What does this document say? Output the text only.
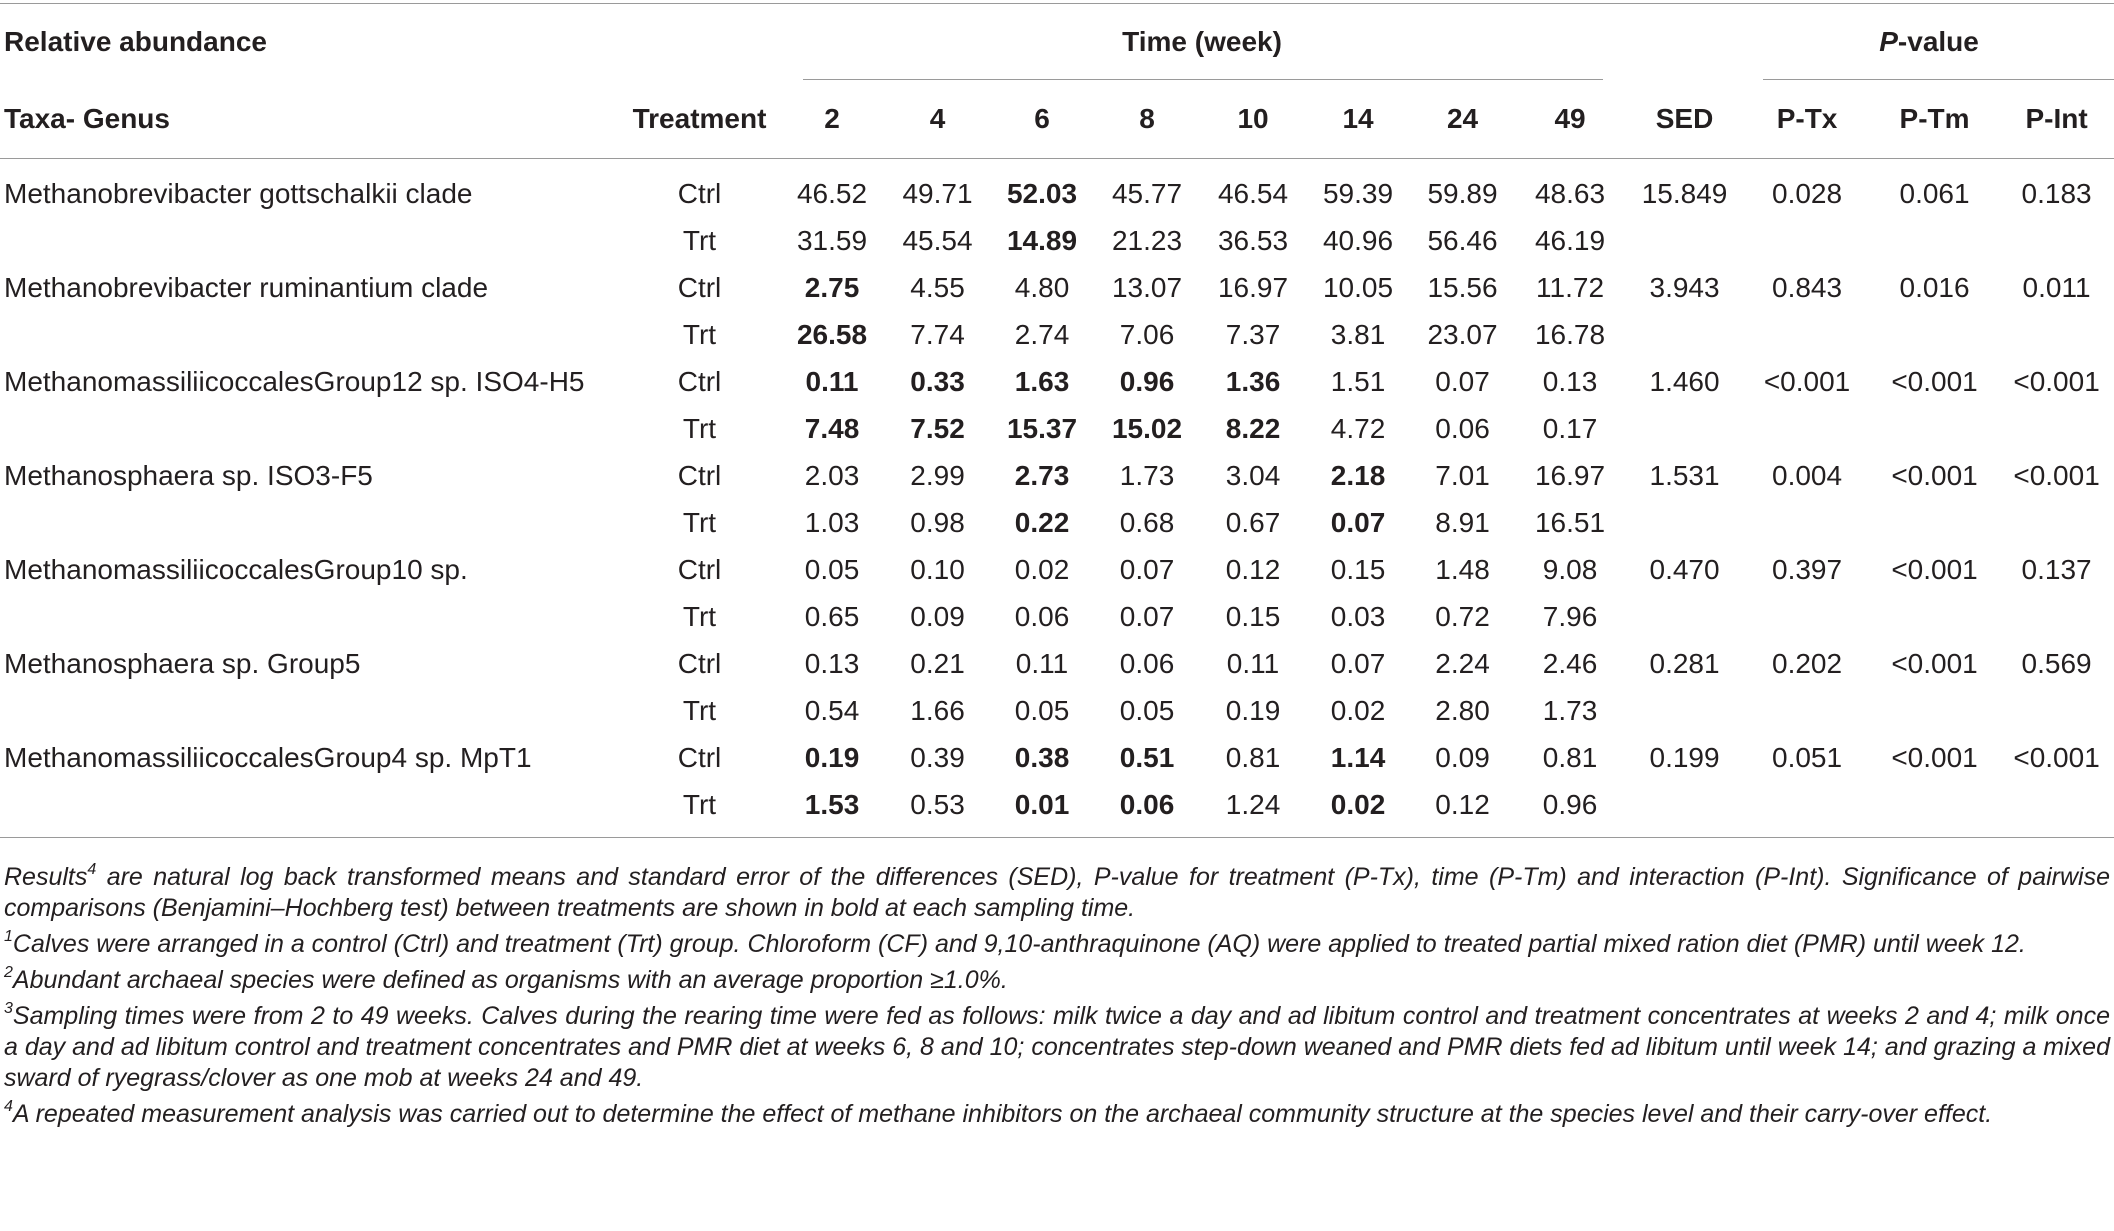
Relative abundance		Time (week)									P-value		

Taxa- Genus	Treatment	2	4	6	8	10	14	24	49	SED	P-Tx	P-Tm	P-Int
Methanobrevibacter gottschalkii clade	Ctrl	46.52	49.71	52.03	45.77	46.54	59.39	59.89	48.63	15.849	0.028	0.061	0.183
	Trt	31.59	45.54	14.89	21.23	36.53	40.96	56.46	46.19				
Methanobrevibacter ruminantium clade	Ctrl	2.75	4.55	4.80	13.07	16.97	10.05	15.56	11.72	3.943	0.843	0.016	0.011
	Trt	26.58	7.74	2.74	7.06	7.37	3.81	23.07	16.78				
MethanomassiliicoccalesGroup12 sp. ISO4-H5	Ctrl	0.11	0.33	1.63	0.96	1.36	1.51	0.07	0.13	1.460	<0.001	<0.001	<0.001
	Trt	7.48	7.52	15.37	15.02	8.22	4.72	0.06	0.17				
Methanosphaera sp. ISO3-F5	Ctrl	2.03	2.99	2.73	1.73	3.04	2.18	7.01	16.97	1.531	0.004	<0.001	<0.001
	Trt	1.03	0.98	0.22	0.68	0.67	0.07	8.91	16.51				
MethanomassiliicoccalesGroup10 sp.	Ctrl	0.05	0.10	0.02	0.07	0.12	0.15	1.48	9.08	0.470	0.397	<0.001	0.137
	Trt	0.65	0.09	0.06	0.07	0.15	0.03	0.72	7.96				
Methanosphaera sp. Group5	Ctrl	0.13	0.21	0.11	0.06	0.11	0.07	2.24	2.46	0.281	0.202	<0.001	0.569
	Trt	0.54	1.66	0.05	0.05	0.19	0.02	2.80	1.73				
MethanomassiliicoccalesGroup4 sp. MpT1	Ctrl	0.19	0.39	0.38	0.51	0.81	1.14	0.09	0.81	0.199	0.051	<0.001	<0.001
	Trt	1.53	0.53	0.01	0.06	1.24	0.02	0.12	0.96				

Results$^4$ are natural log back transformed means and standard error of the differences (SED), P-value for treatment (P-Tx), time (P-Tm) and interaction (P-Int). Significance of pairwise comparisons (Benjamini–Hochberg test) between treatments are shown in bold at each sampling time.

$^1$Calves were arranged in a control (Ctrl) and treatment (Trt) group. Chloroform (CF) and 9,10-anthraquinone (AQ) were applied to treated partial mixed ration diet (PMR) until week 12.

$^2$Abundant archaeal species were defined as organisms with an average proportion ≥1.0%.

$^3$Sampling times were from 2 to 49 weeks. Calves during the rearing time were fed as follows: milk twice a day and ad libitum control and treatment concentrates at weeks 2 and 4; milk once a day and ad libitum control and treatment concentrates and PMR diet at weeks 6, 8 and 10; concentrates step-down weaned and PMR diets fed ad libitum until week 14; and grazing a mixed sward of ryegrass/clover as one mob at weeks 24 and 49.

$^4$A repeated measurement analysis was carried out to determine the effect of methane inhibitors on the archaeal community structure at the species level and their carry-over effect.
